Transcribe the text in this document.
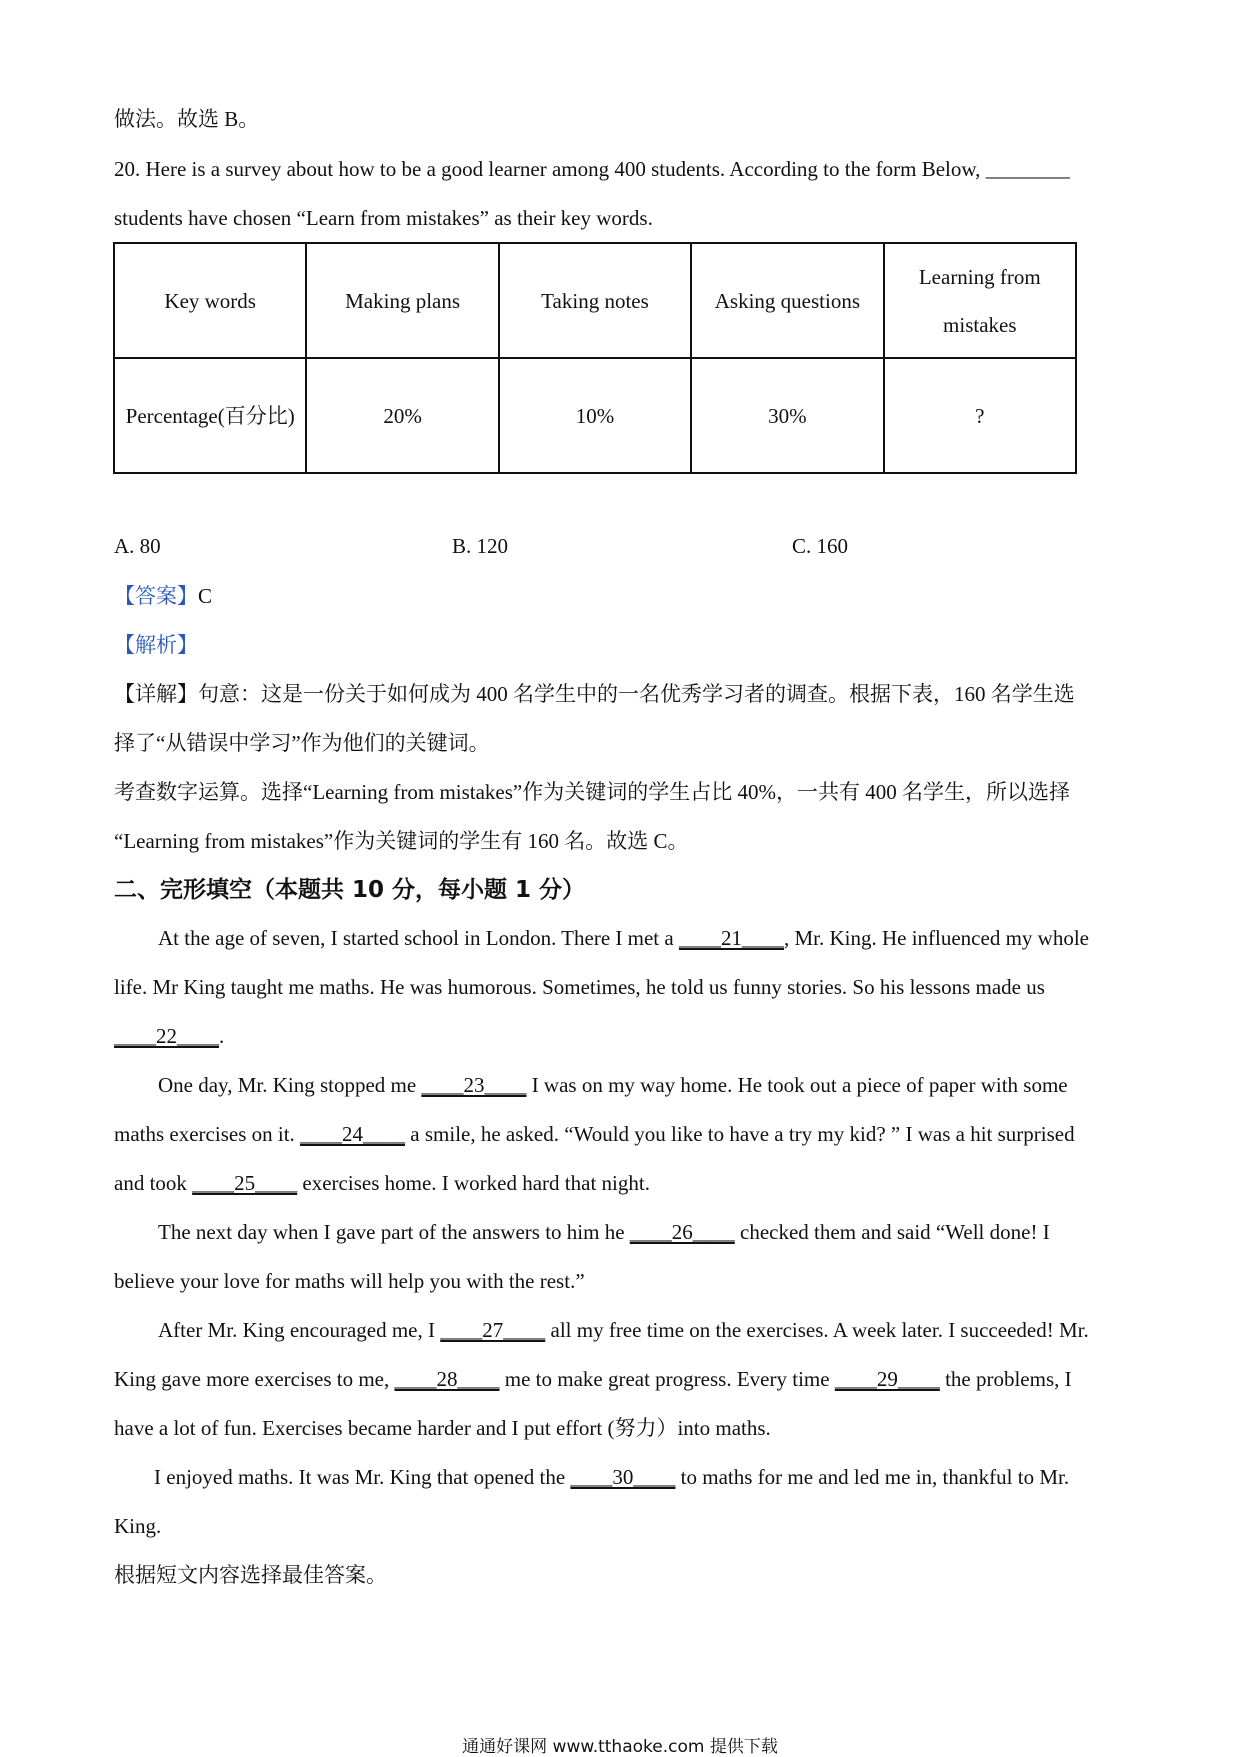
做法。故选 B。
20. Here is a survey about how to be a good learner among 400 students. According to the form Below, ________
students have chosen “Learn from mistakes” as their key words.
Key words	Making plans	Taking notes	Asking questions	Learning from mistakes
Percentage(百分比)	20%	10%	30%	?
A. 80	B. 120	C. 160
【答案】C
【解析】
【详解】句意：这是一份关于如何成为 400 名学生中的一名优秀学习者的调查。根据下表，160 名学生选
择了“从错误中学习”作为他们的关键词。
考查数字运算。选择“Learning from mistakes”作为关键词的学生占比 40%，一共有 400 名学生，所以选择
“Learning from mistakes”作为关键词的学生有 160 名。故选 C。
二、完形填空（本题共 10 分，每小题 1 分）
At the age of seven, I started school in London. There I met a ____21____, Mr. King. He influenced my whole
life. Mr King taught me maths. He was humorous. Sometimes, he told us funny stories. So his lessons made us
____22____.
One day, Mr. King stopped me ____23____ I was on my way home. He took out a piece of paper with some
maths exercises on it. ____24____ a smile, he asked. “Would you like to have a try my kid? ” I was a hit surprised
and took ____25____ exercises home. I worked hard that night.
The next day when I gave part of the answers to him he ____26____ checked them and said “Well done! I
believe your love for maths will help you with the rest.”
After Mr. King encouraged me, I ____27____ all my free time on the exercises. A week later. I succeeded! Mr.
King gave more exercises to me, ____28____ me to make great progress. Every time ____29____ the problems, I
have a lot of fun. Exercises became harder and I put effort (努力）into maths.
I enjoyed maths. It was Mr. King that opened the ____30____ to maths for me and led me in, thankful to Mr.
King.
根据短文内容选择最佳答案。
通通好课网 www.tthaoke.com 提供下载
